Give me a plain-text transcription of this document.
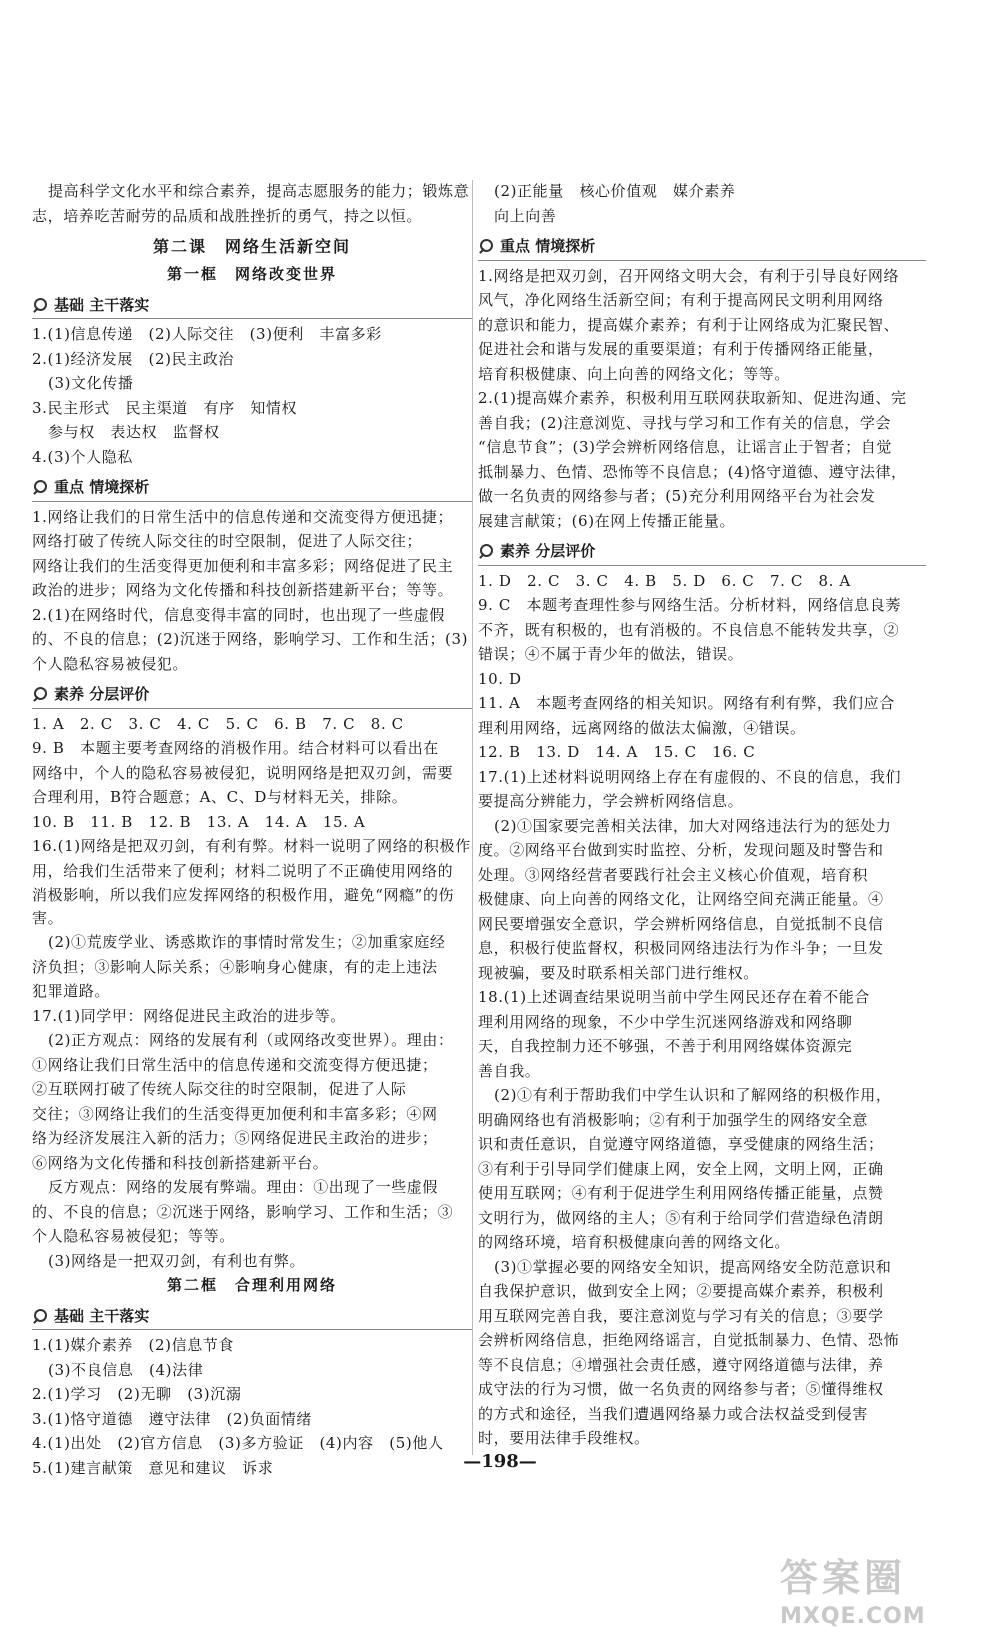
提高科学文化水平和综合素养，提高志愿服务的能力；锻炼意

志，培养吃苦耐劳的品质和战胜挫折的勇气，持之以恒。

第二课　网络生活新空间
第一框　网络改变世界
基础 主干落实

1.(1)信息传递　(2)人际交往　(3)便利　丰富多彩

2.(1)经济发展　(2)民主政治

(3)文化传播

3.民主形式　民主渠道　有序　知情权

参与权　表达权　监督权

4.(3)个人隐私

重点 情境探析

1.网络让我们的日常生活中的信息传递和交流变得方便迅捷；

网络打破了传统人际交往的时空限制，促进了人际交往；

网络让我们的生活变得更加便利和丰富多彩；网络促进了民主

政治的进步；网络为文化传播和科技创新搭建新平台；等等。

2.(1)在网络时代，信息变得丰富的同时，也出现了一些虚假

的、不良的信息；(2)沉迷于网络，影响学习、工作和生活；(3)

个人隐私容易被侵犯。

素养 分层评价

1. A　2. C　3. C　4. C　5. C　6. B　7. C　8. C

9. B　本题主要考查网络的消极作用。结合材料可以看出在

网络中，个人的隐私容易被侵犯，说明网络是把双刃剑，需要

合理利用，B符合题意；A、C、D与材料无关，排除。

10. B　11. B　12. B　13. A　14. A　15. A

16.(1)网络是把双刃剑，有利有弊。材料一说明了网络的积极作

用，给我们生活带来了便利；材料二说明了不正确使用网络的

消极影响，所以我们应发挥网络的积极作用，避免“网瘾”的伤害。

(2)①荒废学业、诱惑欺诈的事情时常发生；②加重家庭经

济负担；③影响人际关系；④影响身心健康，有的走上违法

犯罪道路。

17.(1)同学甲：网络促进民主政治的进步等。

(2)正方观点：网络的发展有利（或网络改变世界）。理由：

①网络让我们日常生活中的信息传递和交流变得方便迅捷；

②互联网打破了传统人际交往的时空限制，促进了人际

交往；③网络让我们的生活变得更加便利和丰富多彩；④网

络为经济发展注入新的活力；⑤网络促进民主政治的进步；

⑥网络为文化传播和科技创新搭建新平台。

反方观点：网络的发展有弊端。理由：①出现了一些虚假

的、不良的信息；②沉迷于网络，影响学习、工作和生活；③

个人隐私容易被侵犯；等等。

(3)网络是一把双刃剑，有利也有弊。

第二框　合理利用网络
基础 主干落实

1.(1)媒介素养　(2)信息节食

(3)不良信息　(4)法律

2.(1)学习　(2)无聊　(3)沉溺

3.(1)恪守道德　遵守法律　(2)负面情绪

4.(1)出处　(2)官方信息　(3)多方验证　(4)内容　(5)他人

5.(1)建言献策　意见和建议　诉求

(2)正能量　核心价值观　媒介素养

向上向善

重点 情境探析

1.网络是把双刃剑，召开网络文明大会，有利于引导良好网络

风气，净化网络生活新空间；有利于提高网民文明利用网络

的意识和能力，提高媒介素养；有利于让网络成为汇聚民智、

促进社会和谐与发展的重要渠道；有利于传播网络正能量，

培育积极健康、向上向善的网络文化；等等。

2.(1)提高媒介素养，积极利用互联网获取新知、促进沟通、完

善自我；(2)注意浏览、寻找与学习和工作有关的信息，学会

“信息节食”；(3)学会辨析网络信息，让谣言止于智者；自觉

抵制暴力、色情、恐怖等不良信息；(4)恪守道德、遵守法律，

做一名负责的网络参与者；(5)充分利用网络平台为社会发

展建言献策；(6)在网上传播正能量。

素养 分层评价

1. D　2. C　3. C　4. B　5. D　6. C　7. C　8. A

9. C　本题考查理性参与网络生活。分析材料，网络信息良莠

不齐，既有积极的，也有消极的。不良信息不能转发共享，②

错误；④不属于青少年的做法，错误。

10. D

11. A　本题考查网络的相关知识。网络有利有弊，我们应合

理利用网络，远离网络的做法太偏激，④错误。

12. B　13. D　14. A　15. C　16. C

17.(1)上述材料说明网络上存在有虚假的、不良的信息，我们

要提高分辨能力，学会辨析网络信息。

(2)①国家要完善相关法律，加大对网络违法行为的惩处力

度。②网络平台做到实时监控、分析，发现问题及时警告和

处理。③网络经营者要践行社会主义核心价值观，培育积

极健康、向上向善的网络文化，让网络空间充满正能量。④

网民要增强安全意识，学会辨析网络信息，自觉抵制不良信

息，积极行使监督权，积极同网络违法行为作斗争；一旦发

现被骗，要及时联系相关部门进行维权。

18.(1)上述调查结果说明当前中学生网民还存在着不能合

理利用网络的现象，不少中学生沉迷网络游戏和网络聊

天，自我控制力还不够强，不善于利用网络媒体资源完

善自我。

(2)①有利于帮助我们中学生认识和了解网络的积极作用，

明确网络也有消极影响；②有利于加强学生的网络安全意

识和责任意识，自觉遵守网络道德，享受健康的网络生活；

③有利于引导同学们健康上网，安全上网，文明上网，正确

使用互联网；④有利于促进学生利用网络传播正能量，点赞

文明行为，做网络的主人；⑤有利于给同学们营造绿色清朗

的网络环境，培育积极健康向善的网络文化。

(3)①掌握必要的网络安全知识，提高网络安全防范意识和

自我保护意识，做到安全上网；②要提高媒介素养，积极利

用互联网完善自我，要注意浏览与学习有关的信息；③要学

会辨析网络信息，拒绝网络谣言，自觉抵制暴力、色情、恐怖

等不良信息；④增强社会责任感，遵守网络道德与法律，养

成守法的行为习惯，做一名负责的网络参与者；⑤懂得维权

的方式和途径，当我们遭遇网络暴力或合法权益受到侵害

时，要用法律手段维权。

—198—
答案圈
MXQE.COM
